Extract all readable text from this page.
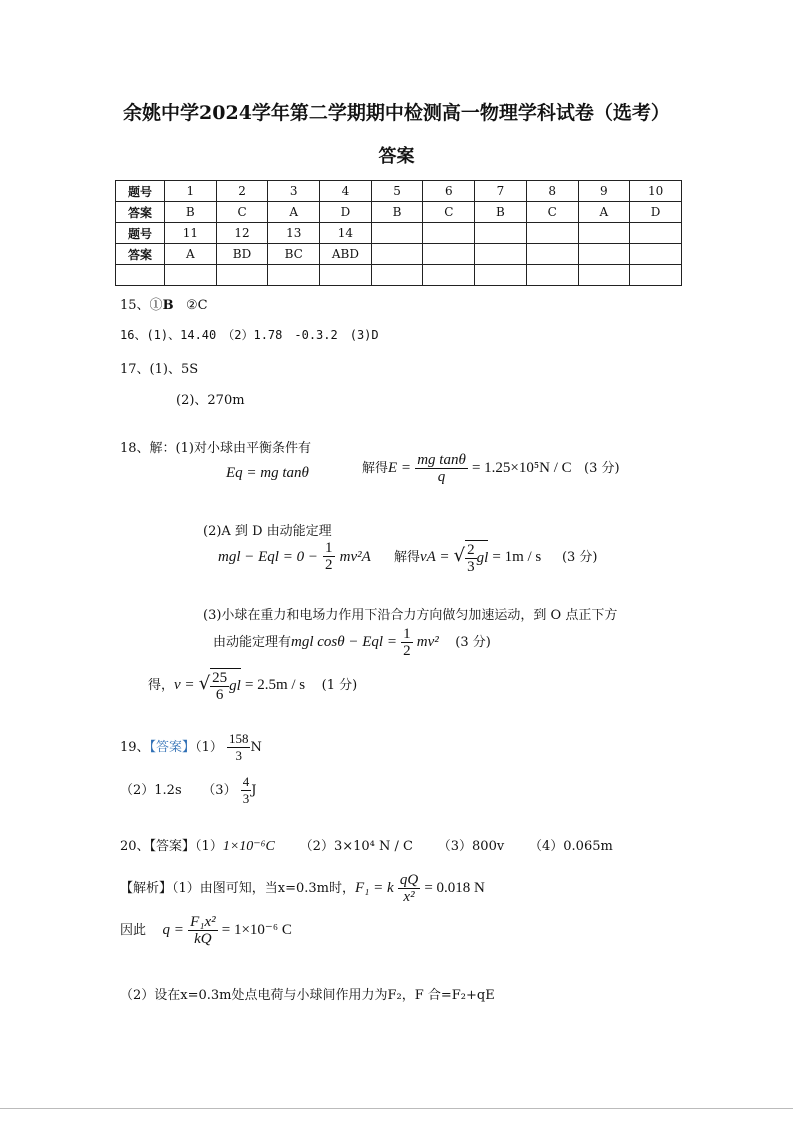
余姚中学2024学年第二学期期中检测高一物理学科试卷（选考）
答案
题号	1	2	3	4	5	6	7	8	9	10
答案	B	C	A	D	B	C	B	C	A	D
题号	11	12	13	14						
答案	A	BD	BC	ABD						

15、①B ②C
16、(1)、14.40　（2）1.78　-0.3.2　(3)D
17、(1)、5S
(2)、270m
18、解：(1)对小球由平衡条件有
Eq = mg tanθ	解得$E = \frac{\text{mg tanθ}}{q} = 1.25\times 10^5N / C$ (3 分)
(2)A 到 D 由动能定理
mgl − Eql = $0 - \frac{1}{2} mv^2A$ 解得vA = √ $\frac{2}{3}$ gl = 1m / s (3 分)
(3)小球在重力和电场力作用下沿合力方向做匀加速运动，到 O 点正下方
由动能定理有mgl cosθ − Eql = $\frac{1}{2} mv^2$ (3 分)
得，v = √ $\frac{25}{6}$ gl = 2.5m / s (1 分)
19、【答案】$(1) \frac{158}{3}$ N
（2）1.2s $(3) \frac{4}{3}$ J
20、【答案】（1）1×10⁻⁶C （2）3×10⁴ N / C （3）800v （4）0.065m
【解析】（1）由图可知，当x=0.3m时，F₁ = k $\frac{qQ}{\text{x²}} = 0.018$ N
因此 $q = \frac{\text{F₁x²}}{kQ} = 1\times 10^{-6}$ C
（2）设在x=0.3m处点电荷与小球间作用力为F₂，F 合=F₂+qE
